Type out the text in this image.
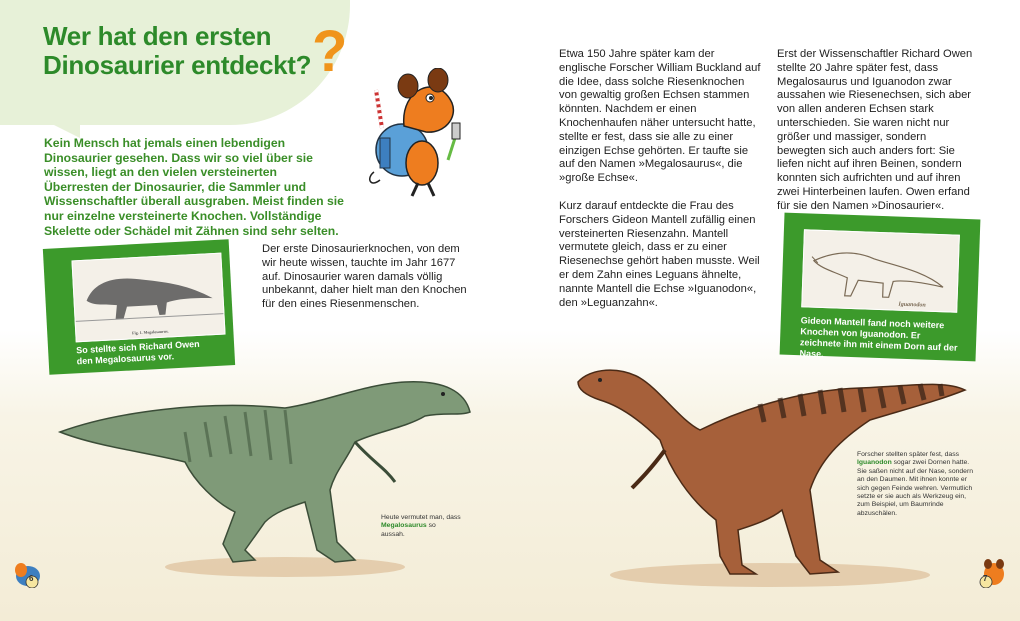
Wer hat den ersten
Dinosaurier entdeckt? ?

Kein Mensch hat jemals einen lebendigen Dinosaurier gesehen. Dass wir so viel über sie wissen, liegt an den vielen versteinerten Überresten der Dinosaurier, die Sammler und Wissenschaftler überall ausgraben. Meist finden sie nur einzelne versteinerte Knochen. Vollständige Skelette oder Schädel mit Zähnen sind sehr selten.

Fig. 1. Megalosaurus.
So stellte sich Richard Owen den Megalosaurus vor.

Der erste Dinosaurierknochen, von dem wir heute wissen, tauchte im Jahr 1677 auf. Dinosaurier waren damals völlig unbekannt, daher hielt man den Knochen für den eines Riesenmenschen.

Etwa 150 Jahre später kam der englische Forscher William Buckland auf die Idee, dass solche Riesenknochen von gewaltig großen Echsen stammen könnten. Nachdem er einen Knochenhaufen näher untersucht hatte, stellte er fest, dass sie alle zu einer einzigen Echse gehörten. Er taufte sie auf den Namen »Megalosaurus«, die »große Echse«.

Kurz darauf entdeckte die Frau des Forschers Gideon Mantell zufällig einen versteinerten Riesenzahn. Mantell vermutete gleich, dass er zu einer Riesenechse gehört haben musste. Weil er dem Zahn eines Leguans ähnelte, nannte Mantell die Echse »Iguanodon«, den »Leguanzahn«.

Erst der Wissenschaftler Richard Owen stellte 20 Jahre später fest, dass Megalosaurus und Iguanodon zwar aussahen wie Riesenechsen, sich aber von allen anderen Echsen stark unterschieden. Sie waren nicht nur größer und massiger, sondern bewegten sich auch anders fort: Sie liefen nicht auf ihren Beinen, sondern konnten sich aufrichten und auf ihren zwei Hinterbeinen laufen. Owen erfand für sie den Namen »Dinosaurier«.

Iguanodon
Gideon Mantell fand noch weitere Knochen von Iguanodon. Er zeichnete ihn mit einem Dorn auf der Nase.
Heute vermutet man, dass Megalosaurus so aussah.
Forscher stellten später fest, dass Iguanodon sogar zwei Dornen hatte. Sie saßen nicht auf der Nase, sondern an den Daumen. Mit ihnen konnte er sich gegen Feinde wehren. Vermutlich setzte er sie auch als Werkzeug ein, zum Beispiel, um Baumrinde abzuschälen.
6	7
